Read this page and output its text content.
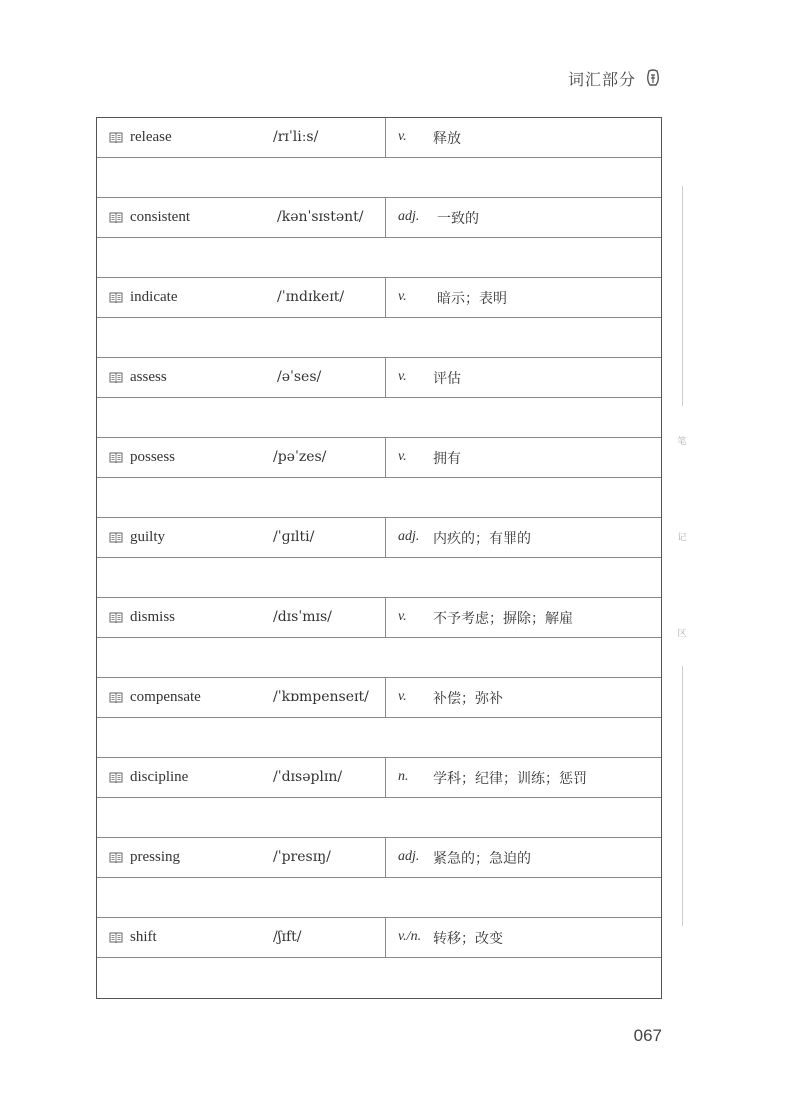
词汇部分
release	/rɪˈliːs/	v. 释放
consistent	/kənˈsɪstənt/ adj. 一致的
indicate	/ˈɪndɪkeɪt/	v. 暗示；表明
assess	/əˈses/	v. 评估
possess	/pəˈzes/	v. 拥有
guilty	/ˈɡɪlti/	adj. 内疚的；有罪的
dismiss	/dɪsˈmɪs/	v. 不予考虑；摒除；解雇
compensate	/ˈkɒmpenseɪt/ v. 补偿；弥补
discipline	/ˈdɪsəplɪn/	n. 学科；纪律；训练；惩罚
pressing	/ˈpresɪŋ/	adj. 紧急的；急迫的
shift	/ʃɪft/	v./n. 转移；改变
笔
记
区
067
